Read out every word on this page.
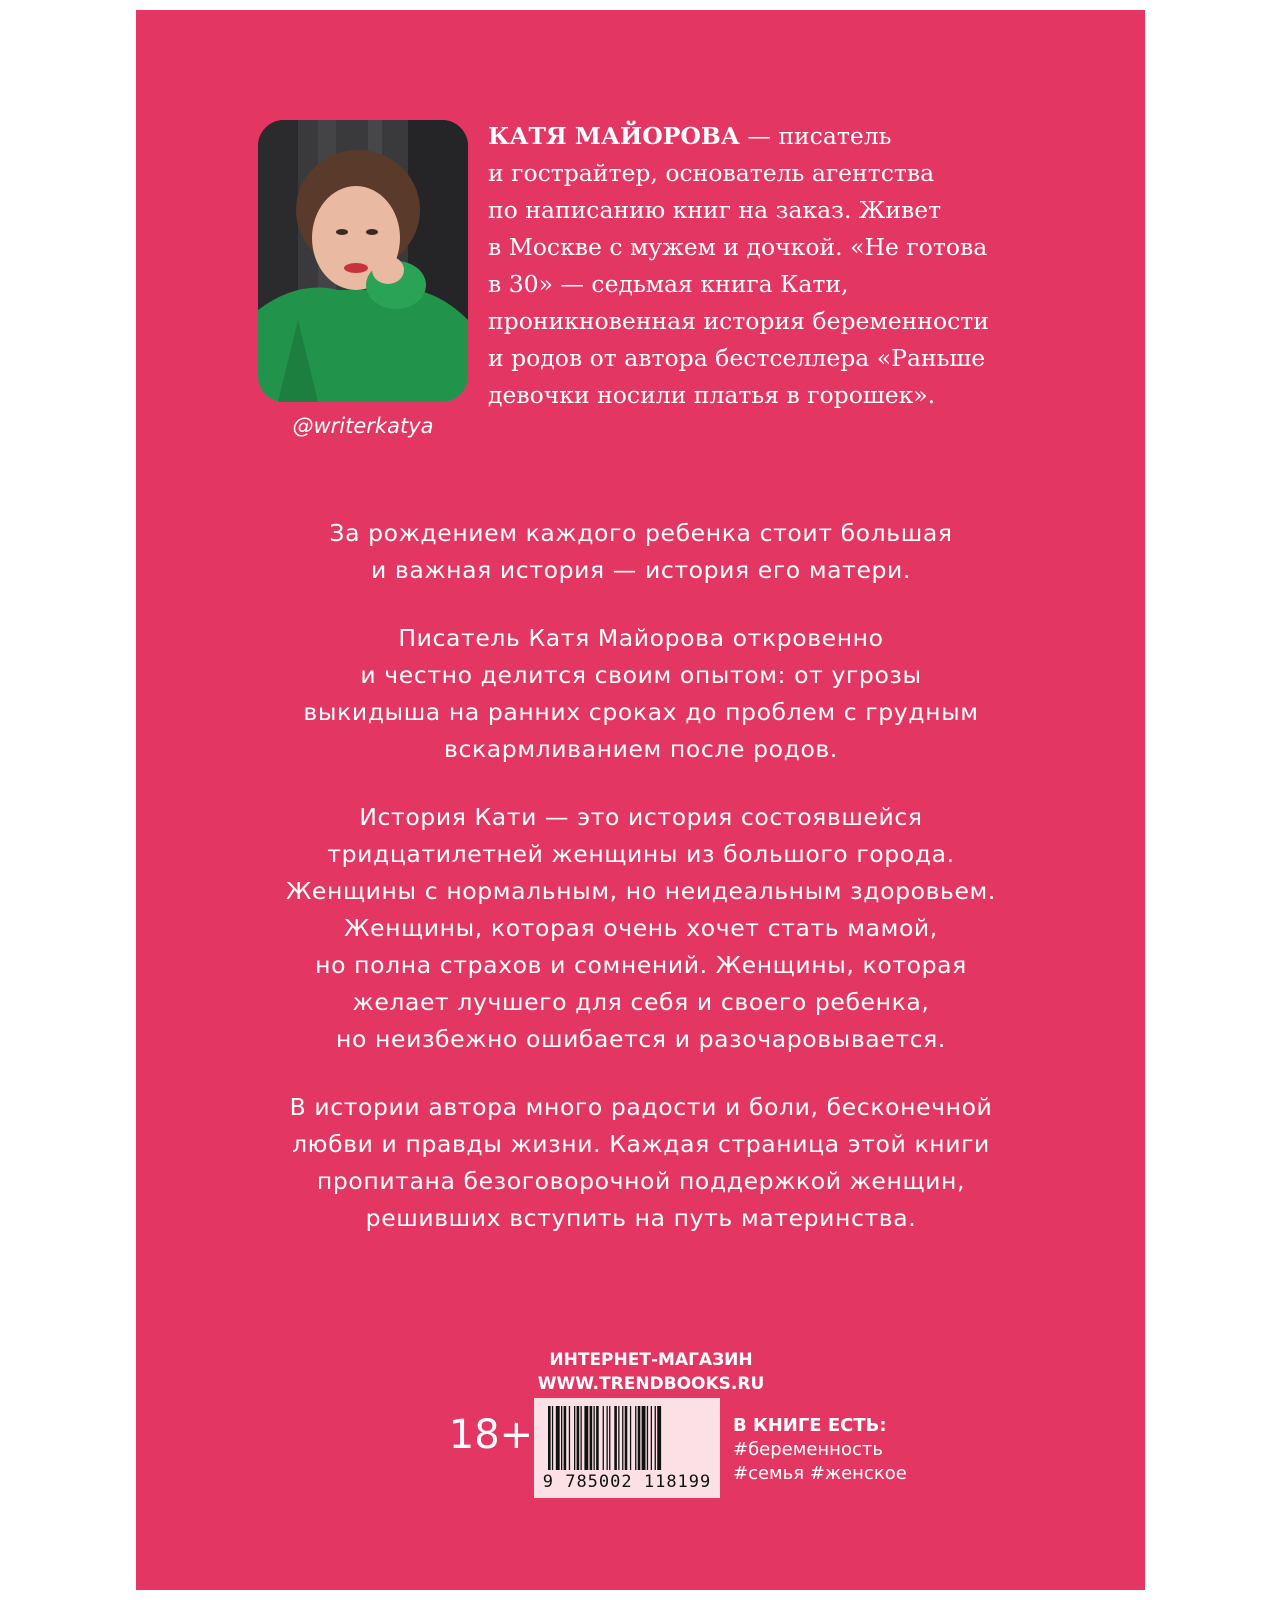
@writerkatya
КАТЯ МАЙОРОВА — писатель
и гострайтер, основатель агентства
по написанию книг на заказ. Живет
в Москве с мужем и дочкой. «Не готова
в 30» — седьмая книга Кати,
проникновенная история беременности
и родов от автора бестселлера «Раньше
девочки носили платья в горошек».

За рождением каждого ребенка стоит большая
и важная история — история его матери.

Писатель Катя Майорова откровенно
и честно делится своим опытом: от угрозы
выкидыша на ранних сроках до проблем с грудным
вскармливанием после родов.

История Кати — это история состоявшейся
тридцатилетней женщины из большого города.
Женщины с нормальным, но неидеальным здоровьем.
Женщины, которая очень хочет стать мамой,
но полна страхов и сомнений. Женщины, которая
желает лучшего для себя и своего ребенка,
но неизбежно ошибается и разочаровывается.

В истории автора много радости и боли, бесконечной
любви и правды жизни. Каждая страница этой книги
пропитана безоговорочной поддержкой женщин,
решивших вступить на путь материнства.

ИНТЕРНЕТ-МАГАЗИН
WWW.TRENDBOOKS.RU
18+
9 785002 118199
В КНИГЕ ЕСТЬ:
#беременность
#семья #женское
